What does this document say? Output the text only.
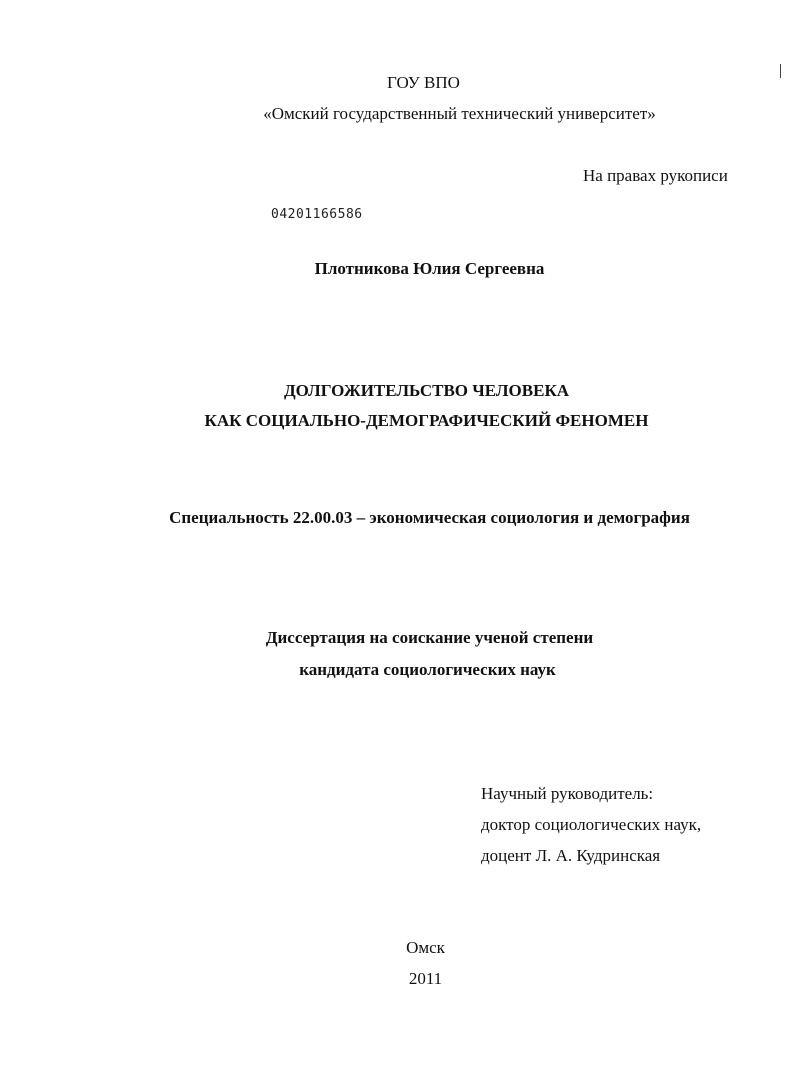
ГОУ ВПО
«Омский государственный технический университет»
На правах рукописи
04201166586
Плотникова Юлия Сергеевна
ДОЛГОЖИТЕЛЬСТВО ЧЕЛОВЕКА
КАК СОЦИАЛЬНО-ДЕМОГРАФИЧЕСКИЙ ФЕНОМЕН
Специальность 22.00.03 – экономическая социология и демография
Диссертация на соискание ученой степени
кандидата социологических наук
Научный руководитель:
доктор социологических наук,
доцент Л. А. Кудринская
Омск
2011
